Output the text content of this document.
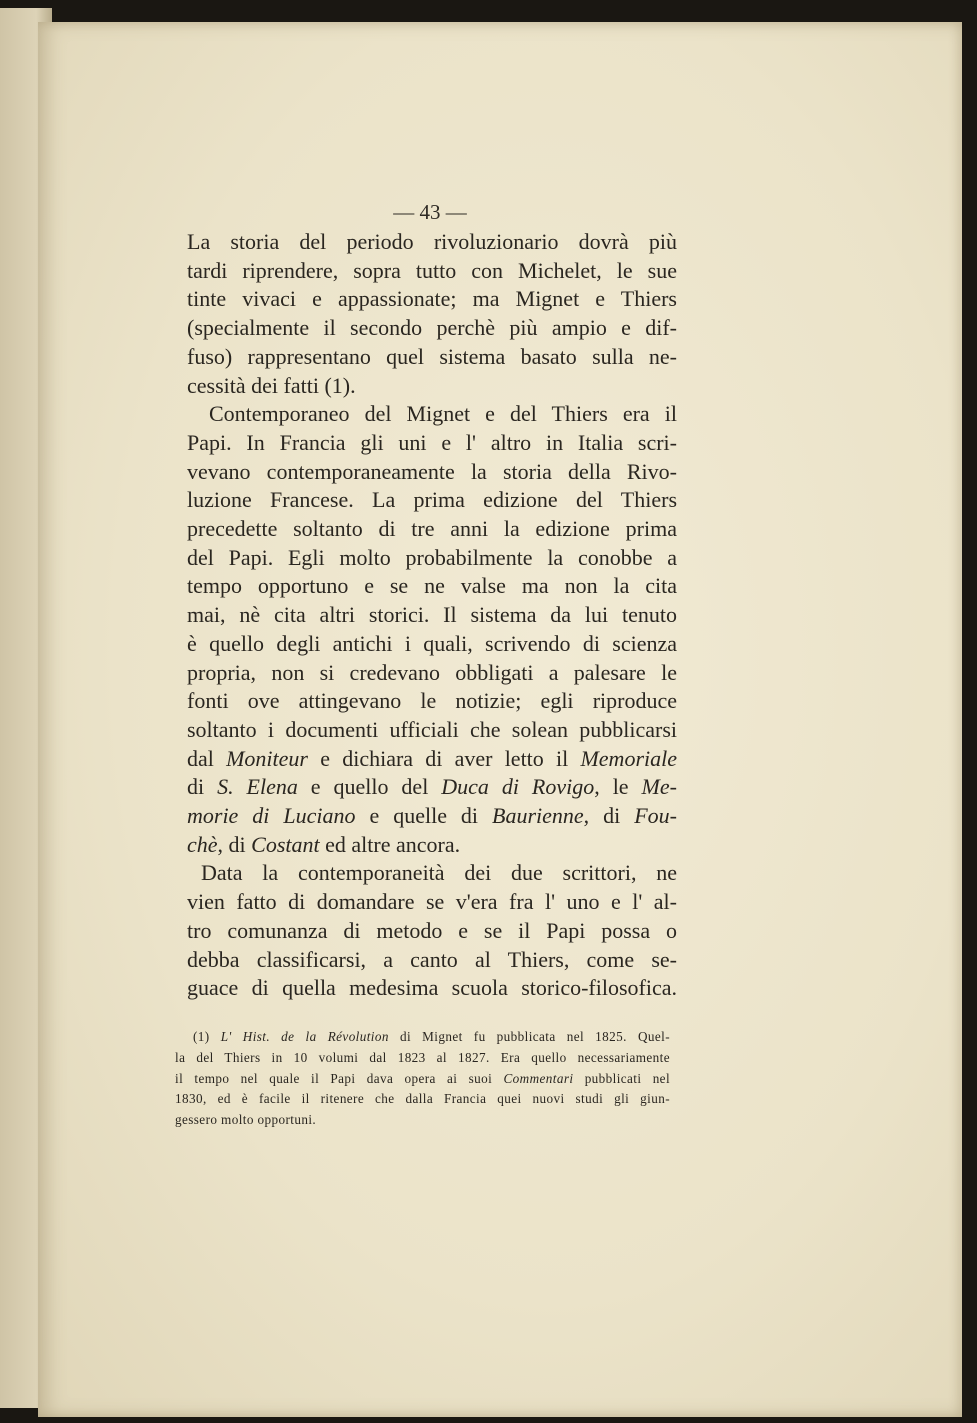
— 43 —

La storia del periodo rivoluzionario dovrà più
tardi riprendere, sopra tutto con Michelet, le sue
tinte vivaci e appassionate; ma Mignet e Thiers
(specialmente il secondo perchè più ampio e dif-
fuso) rappresentano quel sistema basato sulla ne-
cessità dei fatti (1).

Contemporaneo del Mignet e del Thiers era il
Papi. In Francia gli uni e l' altro in Italia scri-
vevano contemporaneamente la storia della Rivo-
luzione Francese. La prima edizione del Thiers
precedette soltanto di tre anni la edizione prima
del Papi. Egli molto probabilmente la conobbe a
tempo opportuno e se ne valse ma non la cita
mai, nè cita altri storici. Il sistema da lui tenuto
è quello degli antichi i quali, scrivendo di scienza
propria, non si credevano obbligati a palesare le
fonti ove attingevano le notizie; egli riproduce
soltanto i documenti ufficiali che solean pubblicarsi
dal Moniteur e dichiara di aver letto il Memoriale
di S. Elena e quello del Duca di Rovigo, le Me-
morie di Luciano e quelle di Baurienne, di Fou-
chè, di Costant ed altre ancora.

Data la contemporaneità dei due scrittori, ne
vien fatto di domandare se v'era fra l' uno e l' al-
tro comunanza di metodo e se il Papi possa o
debba classificarsi, a canto al Thiers, come se-
guace di quella medesima scuola storico-filosofica.

(1) L' Hist. de la Révolution di Mignet fu pubblicata nel 1825. Quel-
la del Thiers in 10 volumi dal 1823 al 1827. Era quello necessariamente
il tempo nel quale il Papi dava opera ai suoi Commentari pubblicati nel
1830, ed è facile il ritenere che dalla Francia quei nuovi studi gli giun-
gessero molto opportuni.
